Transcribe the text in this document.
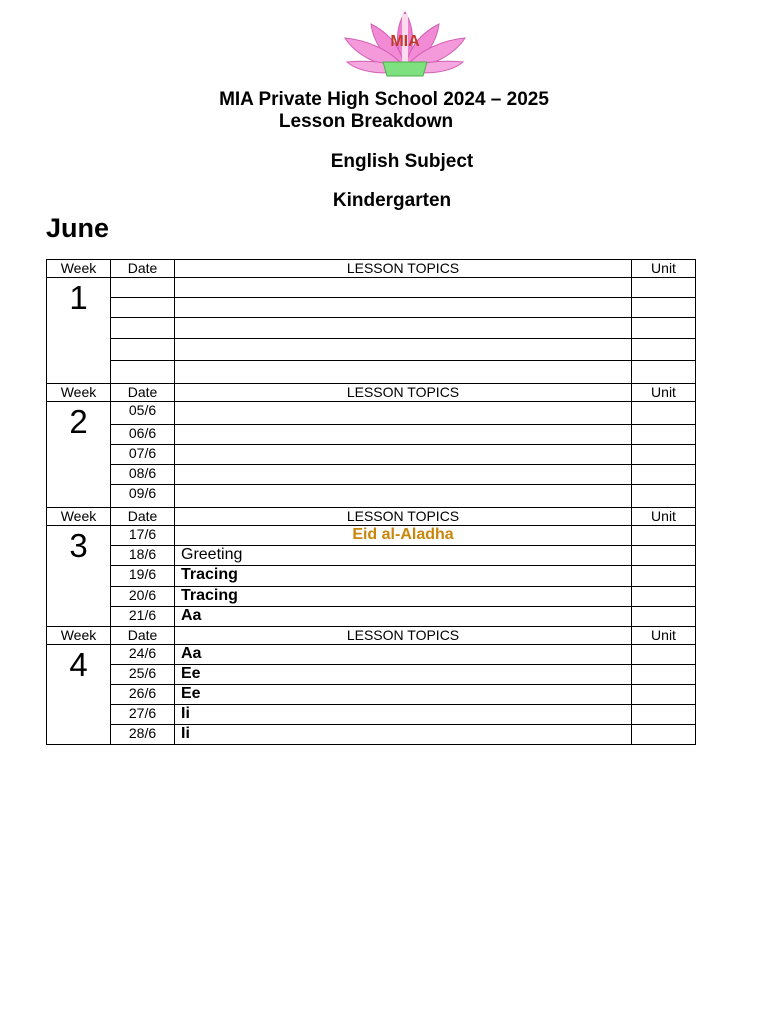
MIA
MIA Private High School 2024 – 2025
Lesson Breakdown
English Subject
Kindergarten
June
Week	Date	LESSON TOPICS	Unit
1			

Week	Date	LESSON TOPICS	Unit
2	05/6		
	06/6		
	07/6		
	08/6		
	09/6		
Week	Date	LESSON TOPICS	Unit
3	17/6	Eid al-Aladha	
	18/6	Greeting	
	19/6	Tracing	
	20/6	Tracing	
	21/6	Aa	
Week	Date	LESSON TOPICS	Unit
4	24/6	Aa	
	25/6	Ee	
	26/6	Ee	
	27/6	Ii	
	28/6	Ii	
